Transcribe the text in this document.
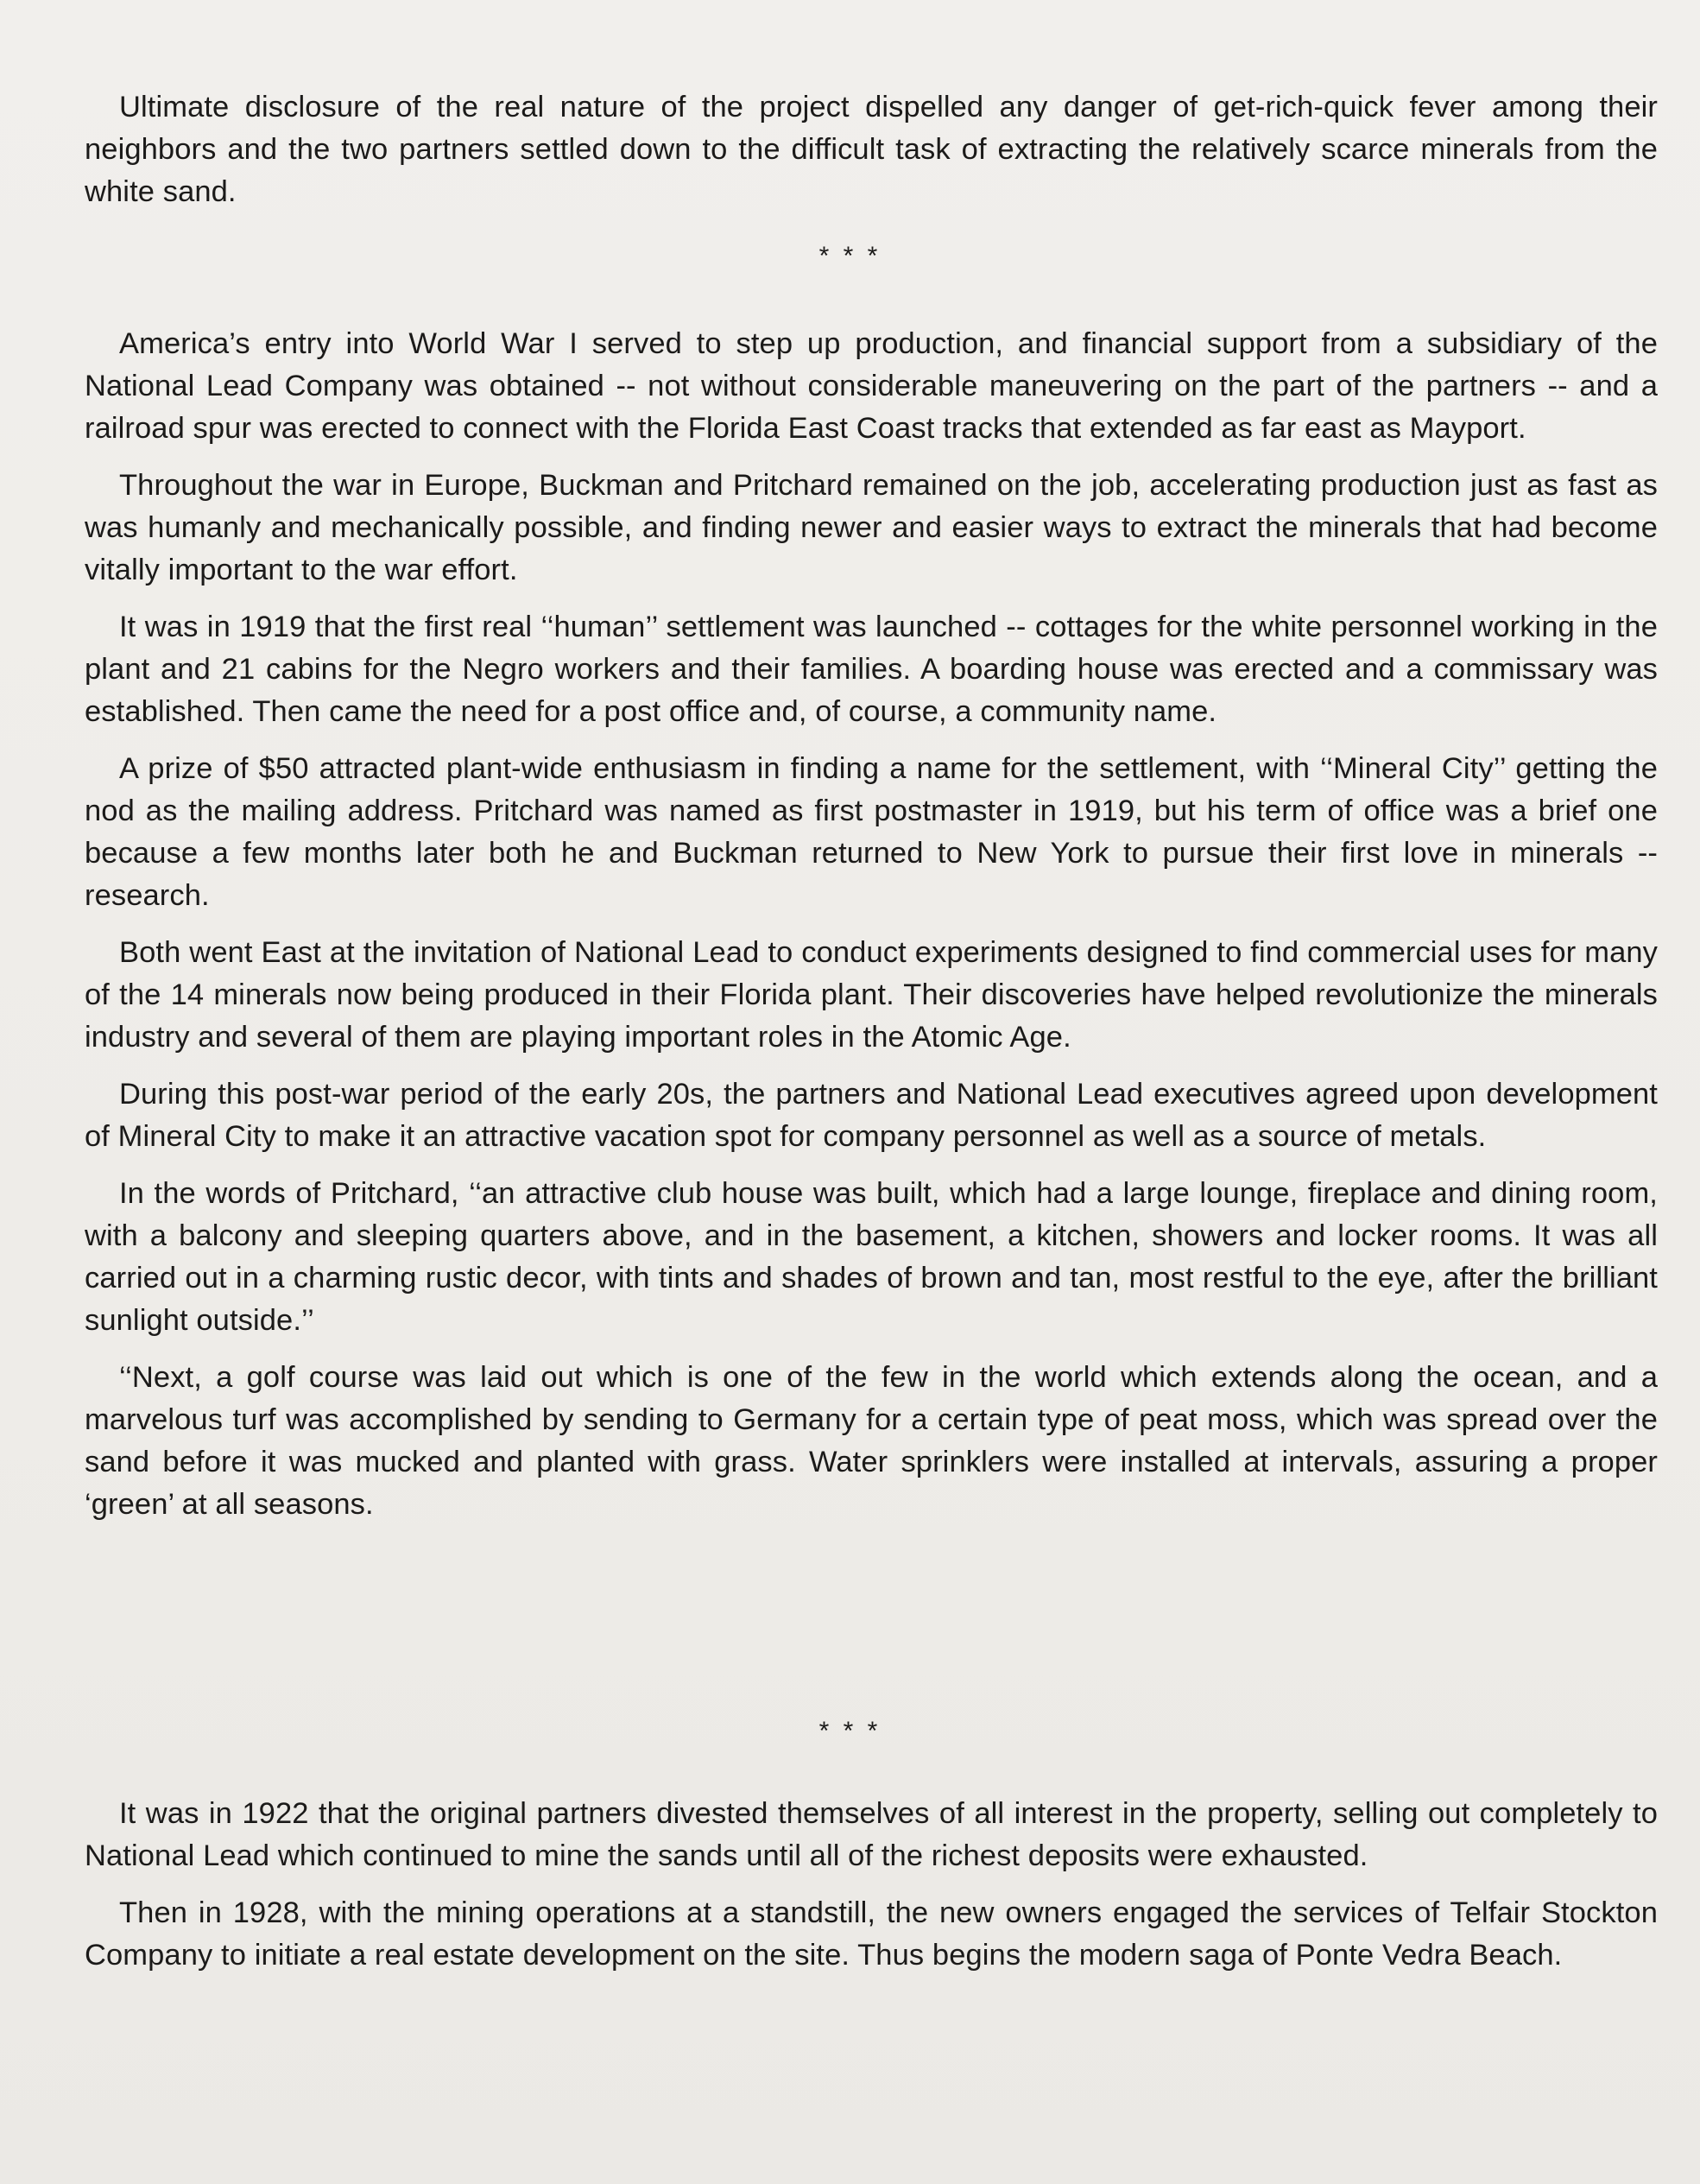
Ultimate disclosure of the real nature of the project dispelled any danger of get-rich-quick fever among their neighbors and the two partners settled down to the difficult task of extracting the relatively scarce minerals from the white sand.

* * *

America’s entry into World War I served to step up production, and financial support from a subsidiary of the National Lead Company was obtained -- not without considerable maneuvering on the part of the partners -- and a railroad spur was erected to connect with the Florida East Coast tracks that extended as far east as Mayport.

Throughout the war in Europe, Buckman and Pritchard remained on the job, accelerating production just as fast as was humanly and mechanically possible, and finding newer and easier ways to extract the minerals that had become vitally important to the war effort.

It was in 1919 that the first real ‘‘human’’ settlement was launched -- cottages for the white personnel working in the plant and 21 cabins for the Negro workers and their families. A boarding house was erected and a commissary was established. Then came the need for a post office and, of course, a community name.

A prize of $50 attracted plant-wide enthusiasm in finding a name for the settlement, with ‘‘Mineral City’’ getting the nod as the mailing address. Pritchard was named as first postmaster in 1919, but his term of office was a brief one because a few months later both he and Buckman returned to New York to pursue their first love in minerals -- research.

Both went East at the invitation of National Lead to conduct experiments designed to find commercial uses for many of the 14 minerals now being produced in their Florida plant. Their discoveries have helped revolutionize the minerals industry and several of them are playing important roles in the Atomic Age.

During this post-war period of the early 20s, the partners and National Lead executives agreed upon development of Mineral City to make it an attractive vacation spot for company personnel as well as a source of metals.

In the words of Pritchard, ‘‘an attractive club house was built, which had a large lounge, fireplace and dining room, with a balcony and sleeping quarters above, and in the basement, a kitchen, showers and locker rooms. It was all carried out in a charming rustic decor, with tints and shades of brown and tan, most restful to the eye, after the brilliant sunlight outside.’’

‘‘Next, a golf course was laid out which is one of the few in the world which extends along the ocean, and a marvelous turf was accomplished by sending to Germany for a certain type of peat moss, which was spread over the sand before it was mucked and planted with grass. Water sprinklers were installed at intervals, assuring a proper ‘green’ at all seasons.

* * *

It was in 1922 that the original partners divested themselves of all interest in the property, selling out completely to National Lead which continued to mine the sands until all of the richest deposits were exhausted.

Then in 1928, with the mining operations at a standstill, the new owners engaged the services of Telfair Stockton Company to initiate a real estate development on the site. Thus begins the modern saga of Ponte Vedra Beach.
